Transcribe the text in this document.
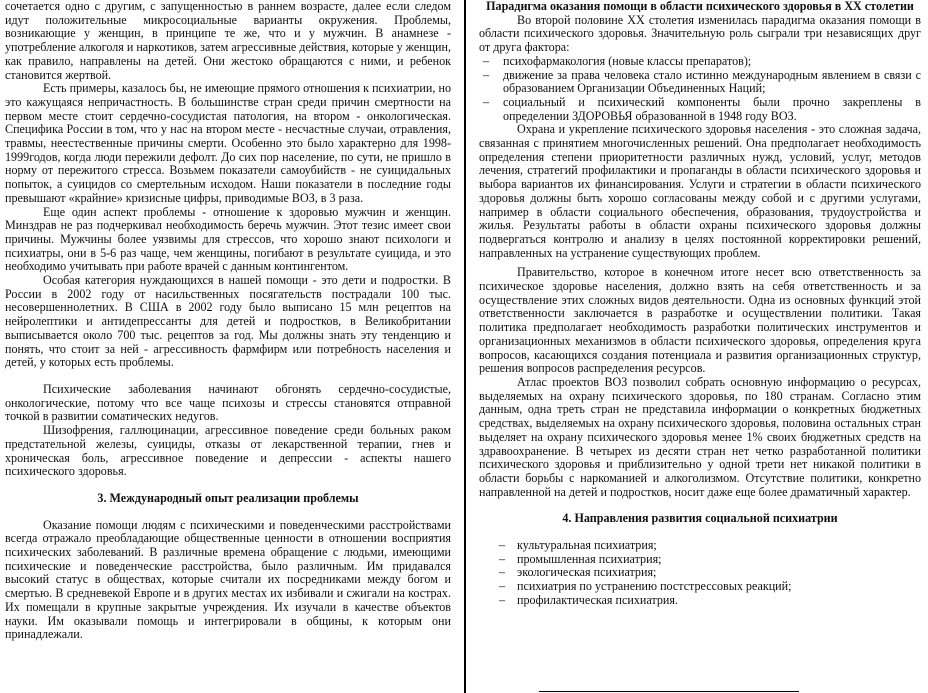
сочетается одно с другим, с запущенностью в раннем возрасте, далее если следом идут положительные микросоциальные варианты окружения. Проблемы, возникающие у женщин, в принципе те же, что и у мужчин. В анамнезе - употребление алкоголя и наркотиков, затем агрессивные действия, которые у женщин, как правило, направлены на детей. Они жестоко обращаются с ними, и ребенок становится жертвой.

Есть примеры, казалось бы, не имеющие прямого отношения к психиатрии, но это кажущаяся непричастность. В большинстве стран среди причин смертности на первом месте стоит сердечно-сосудистая патология, на втором - онкологическая. Специфика России в том, что у нас на втором месте - несчастные случаи, отравления, травмы, неестественные причины смерти. Особенно это было характерно для 1998-1999годов, когда люди пережили дефолт. До сих пор население, по сути, не пришло в норму от пережитого стресса. Возьмем показатели самоубийств - не суицидальных попыток, а суицидов со смертельным исходом. Наши показатели в последние годы превышают «крайние» кризисные цифры, приводимые ВОЗ, в 3 раза.

Еще один аспект проблемы - отношение к здоровью мужчин и женщин. Минздрав не раз подчеркивал необходимость беречь мужчин. Этот тезис имеет свои причины. Мужчины более уязвимы для стрессов, что хорошо знают психологи и психиатры, они в 5-6 раз чаще, чем женщины, погибают в результате суицида, и это необходимо учитывать при работе врачей с данным контингентом.

Особая категория нуждающихся в нашей помощи - это дети и подростки. В России в 2002 году от насильственных посягательств пострадали 100 тыс. несовершеннолетних. В США в 2002 году было выписано 15 млн рецептов на нейролептики и антидепрессанты для детей и подростков, в Великобритании выписывается около 700 тыс. рецептов за год. Мы должны знать эту тенденцию и понять, что стоит за ней - агрессивность фармфирм или потребность населения и детей, у которых есть проблемы.

Психические заболевания начинают обгонять сердечно-сосудистые, онкологические, потому что все чаще психозы и стрессы становятся отправной точкой в развитии соматических недугов.

Шизофрения, галлюцинации, агрессивное поведение среди больных раком предстательной железы, суициды, отказы от лекарственной терапии, гнев и хроническая боль, агрессивное поведение и депрессии - аспекты нашего психического здоровья.

3. Международный опыт реализации проблемы

Оказание помощи людям с психическими и поведенческими расстройствами всегда отражало преобладающие общественные ценности в отношении восприятия психических заболеваний. В различные времена обращение с людьми, имеющими психические и поведенческие расстройства, было различным. Им придавался высокий статус в обществах, которые считали их посредниками между богом и смертью. В средневекой Европе и в других местах их избивали и сжигали на кострах. Их помещали в крупные закрытые учреждения. Их изучали в качестве объектов науки. Им оказывали помощь и интегрировали в общины, к которым они принадлежали.

Парадигма оказания помощи в области психического здоровья в XX столетии

Во второй половине XX столетия изменилась парадигма оказания помощи в области психического здоровья. Значительную роль сыграли три независящих друг от друга фактора:

– психофармакология (новые классы препаратов);
– движение за права человека стало истинно международным явлением в связи с образованием Организации Объединенных Наций;
– социальный и психический компоненты были прочно закреплены в определении ЗДОРОВЬЯ образованной в 1948 году ВОЗ.

Охрана и укрепление психического здоровья населения - это сложная задача, связанная с принятием многочисленных решений. Она предполагает необходимость определения степени приоритетности различных нужд, условий, услуг, методов лечения, стратегий профилактики и пропаганды в области психического здоровья и выбора вариантов их финансирования. Услуги и стратегии в области психического здоровья должны быть хорошо согласованы между собой и с другими услугами, например в области социального обеспечения, образования, трудоустройства и жилья. Результаты работы в области охраны психического здоровья должны подвергаться контролю и анализу в целях постоянной корректировки решений, направленных на устранение существующих проблем.

Правительство, которое в конечном итоге несет всю ответственность за психическое здоровье населения, должно взять на себя ответственность и за осуществление этих сложных видов деятельности. Одна из основных функций этой ответственности заключается в разработке и осуществлении политики. Такая политика предполагает необходимость разработки политических инструментов и организационных механизмов в области психического здоровья, определения круга вопросов, касающихся создания потенциала и развития организационных структур, решения вопросов распределения ресурсов.

Атлас проектов ВОЗ позволил собрать основную информацию о ресурсах, выделяемых на охрану психического здоровья, по 180 странам. Согласно этим данным, одна треть стран не представила информации о конкретных бюджетных средствах, выделяемых на охрану психического здоровья, половина остальных стран выделяет на охрану психического здоровья менее 1% своих бюджетных средств на здравоохранение. В четырех из десяти стран нет четко разработанной политики психического здоровья и приблизительно у одной трети нет никакой политики в области борьбы с наркоманией и алкоголизмом. Отсутствие политики, конкретно направленной на детей и подростков, носит даже еще более драматичный характер.

4. Направления развития социальной психиатрии
– культуральная психиатрия;
– промышленная психиатрия;
– экологическая психиатрия;
– психиатрия по устранению постстрессовых реакций;
– профилактическая психиатрия.
